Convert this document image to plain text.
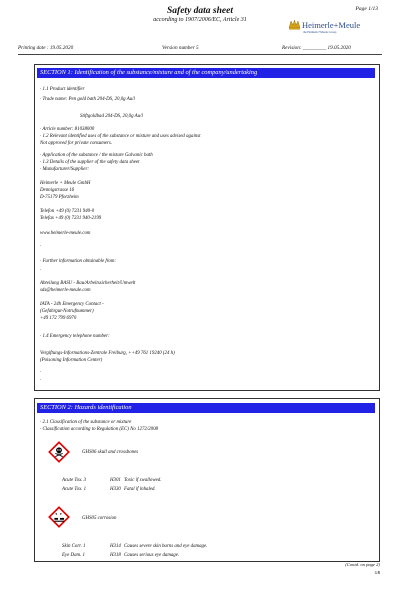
Page 1/13
Safety data sheet
according to 1907/2006/EC, Article 31	Heimerle+Meule
the Heimerle+Meule Group
Printing date : 19.05.2020	Version number 5	Revision: _________ 19.05.2020
SECTION 1: Identification of the substance/mixture and of the company/undertaking
· 1.1 Product identifier
· Trade name: Pen gold bath 204-DS, 20,0g Au/l
Stiftgoldbad 204-DS, 20,0g Au/l
· Article number: 81038000
· 1.2 Relevant identified uses of the substance or mixture and uses advised against
Not approved for private consumers.
· Application of the substance / the mixture Galvanic bath
· 1.3 Details of the supplier of the safety data sheet
· Manufacturer/Supplier:
Heimerle + Meule GmbH
Dennigstrasse 16
D-75179 Pforzheim
Telefon +49 (0) 7231 940-0
Telefax +49 (0) 7231 940-2199
www.heimerle-meule.com
·
· Further information obtainable from:
·
Abteilung BASU - Bau/Arbeitssicherheit/Umwelt
sds@heimerle-meule.com
IATA - 24h Emergency Contact -
(Gefahrgut-Notrufnummer)
+49 172 799 6970
· 1.4 Emergency telephone number:
Vergiftungs-Informations-Zentrale Freiburg, ++49 761 19240 (24 h)
(Poisoning Information Center)
·
·
SECTION 2: Hazards identification
· 2.1 Classification of the substance or mixture
· Classification according to Regulation (EC) No 1272/2008
GHS06 skull and crossbones
Acute Tox. 3	H301 Toxic if swallowed.
Acute Tox. 1	H330 Fatal if inhaled.
GHS05 corrosion
Skin Corr. 1	H314 Causes severe skin burns and eye damage.
Eye Dam. 1	H318 Causes serious eye damage.
(Contd. on page 2)
GB
